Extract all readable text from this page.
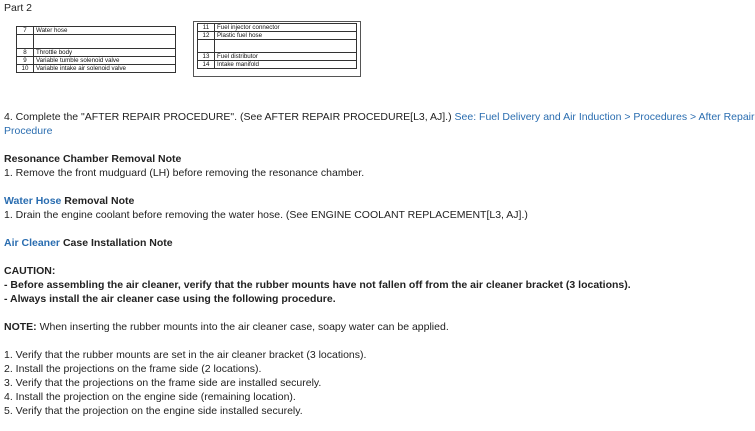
Part 2
7	Water hose

8	Throttle body
9	Variable tumble solenoid valve
10	Variable intake air solenoid valve
11	Fuel injector connector
12	Plastic fuel hose

13	Fuel distributor
14	Intake manifold
4. Complete the "AFTER REPAIR PROCEDURE". (See AFTER REPAIR PROCEDURE[L3, AJ].) See: Fuel Delivery and Air Induction > Procedures > After Repair
Procedure
Resonance Chamber Removal Note
1. Remove the front mudguard (LH) before removing the resonance chamber.
Water Hose Removal Note
1. Drain the engine coolant before removing the water hose. (See ENGINE COOLANT REPLACEMENT[L3, AJ].)
Air Cleaner Case Installation Note
CAUTION:
- Before assembling the air cleaner, verify that the rubber mounts have not fallen off from the air cleaner bracket (3 locations).
- Always install the air cleaner case using the following procedure.
NOTE: When inserting the rubber mounts into the air cleaner case, soapy water can be applied.
1. Verify that the rubber mounts are set in the air cleaner bracket (3 locations).
2. Install the projections on the frame side (2 locations).
3. Verify that the projections on the frame side are installed securely.
4. Install the projection on the engine side (remaining location).
5. Verify that the projection on the engine side installed securely.
